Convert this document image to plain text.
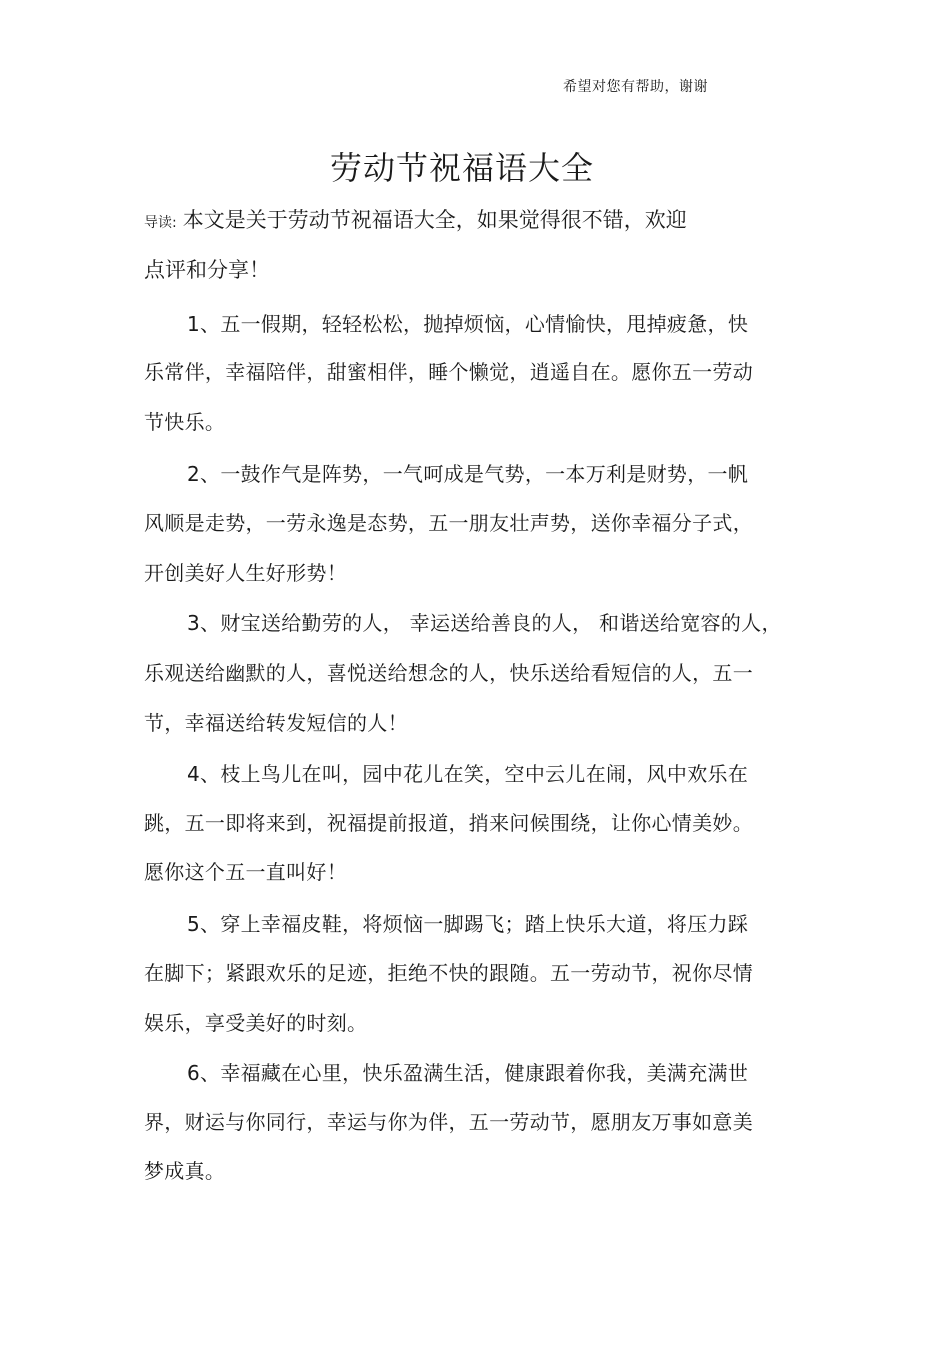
希望对您有帮助，谢谢
劳动节祝福语大全
导读: 本文是关于劳动节祝福语大全，如果觉得很不错，欢迎
点评和分享！
1、五一假期，轻轻松松，抛掉烦恼，心情愉快，甩掉疲惫，快
乐常伴，幸福陪伴，甜蜜相伴，睡个懒觉，逍遥自在。愿你五一劳动
节快乐。
2、一鼓作气是阵势，一气呵成是气势，一本万利是财势，一帆
风顺是走势，一劳永逸是态势，五一朋友壮声势，送你幸福分子式，
开创美好人生好形势！
3、财宝送给勤劳的人， 幸运送给善良的人， 和谐送给宽容的人，
乐观送给幽默的人，喜悦送给想念的人，快乐送给看短信的人，五一
节，幸福送给转发短信的人！
4、枝上鸟儿在叫，园中花儿在笑，空中云儿在闹，风中欢乐在
跳，五一即将来到，祝福提前报道，捎来问候围绕，让你心情美妙。
愿你这个五一直叫好！
5、穿上幸福皮鞋，将烦恼一脚踢飞；踏上快乐大道，将压力踩
在脚下；紧跟欢乐的足迹，拒绝不快的跟随。五一劳动节，祝你尽情
娱乐，享受美好的时刻。
6、幸福藏在心里，快乐盈满生活，健康跟着你我，美满充满世
界，财运与你同行，幸运与你为伴，五一劳动节，愿朋友万事如意美
梦成真。
